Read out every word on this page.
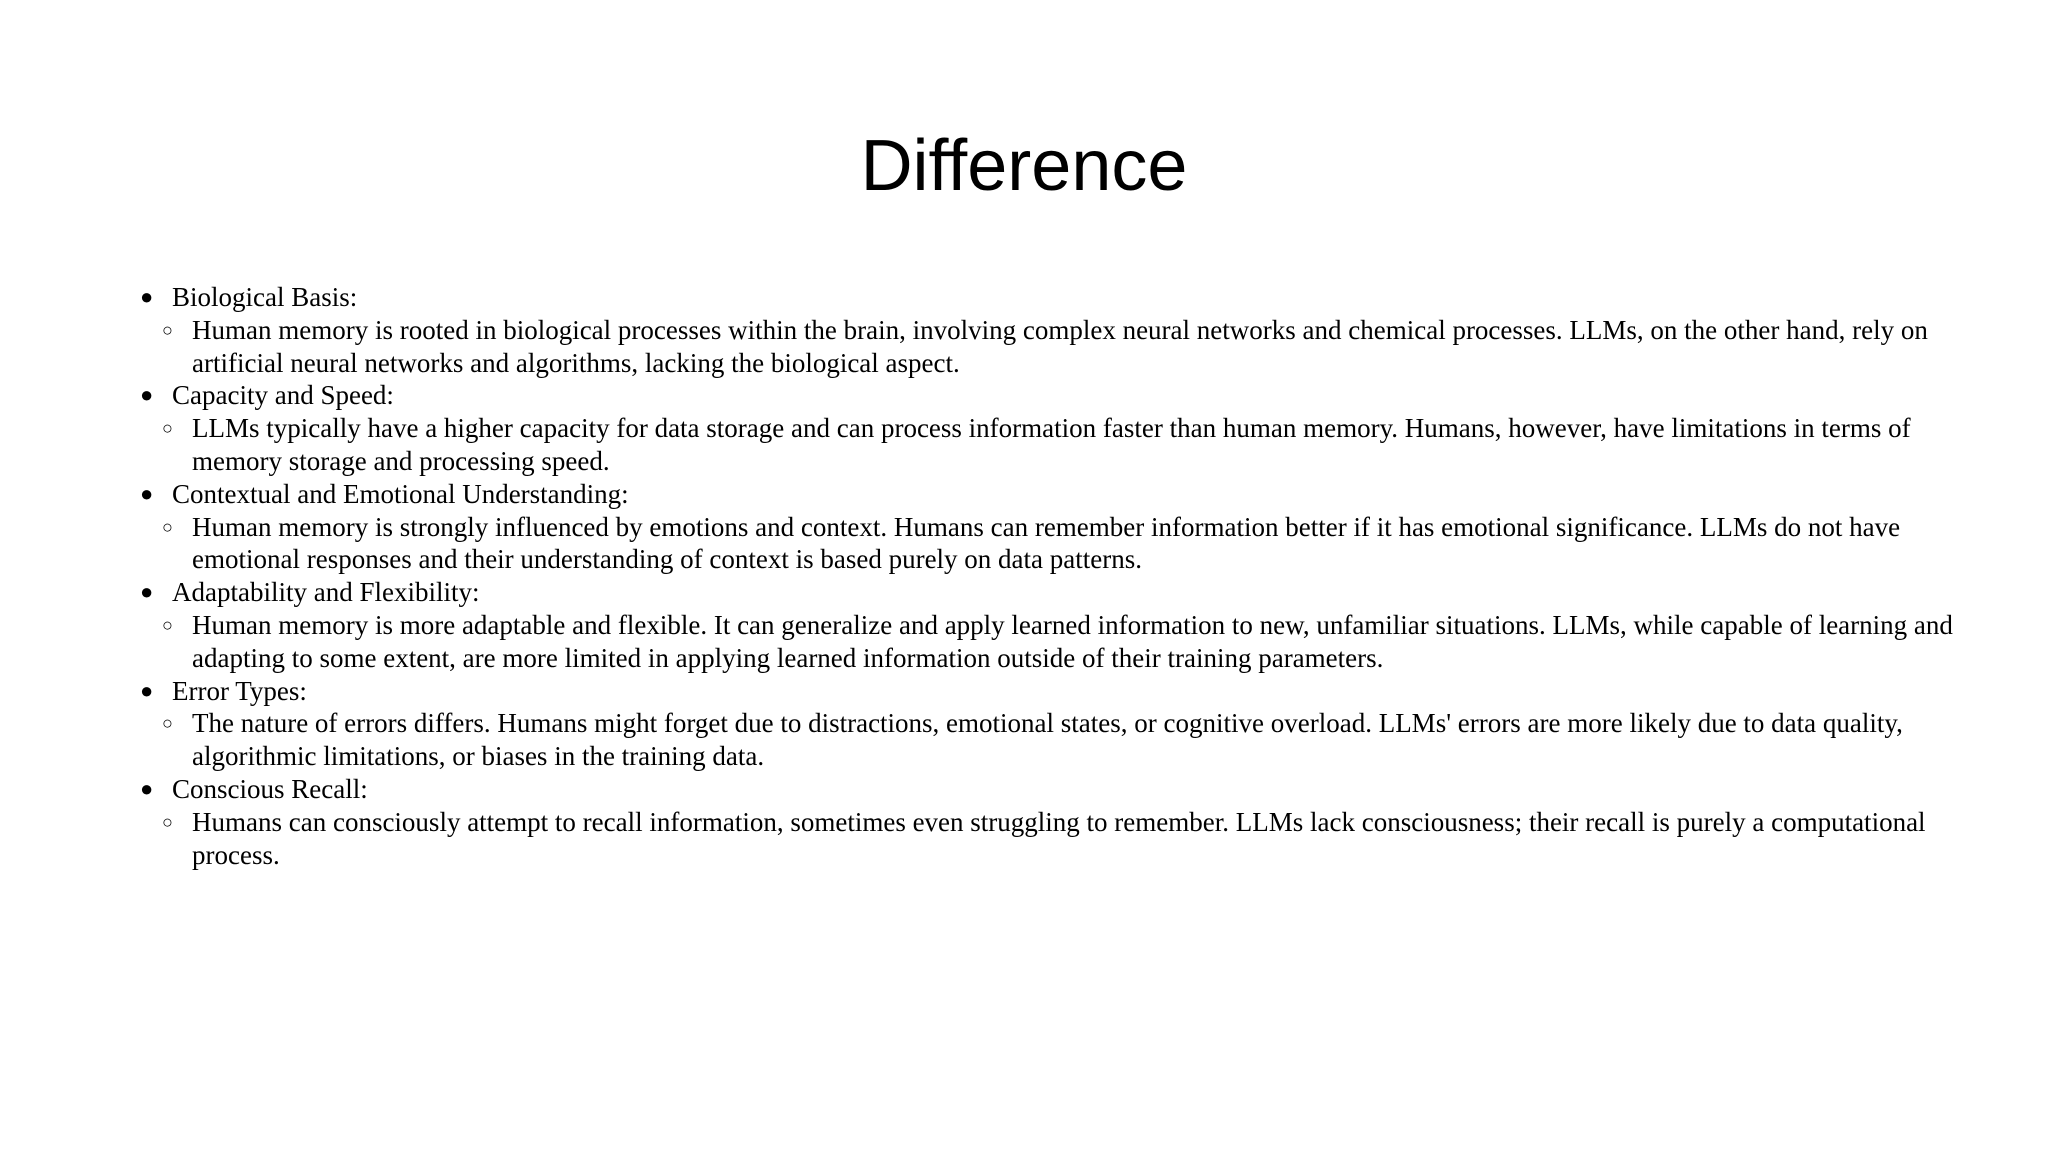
Difference
● Biological Basis:
○ Human memory is rooted in biological processes within the brain, involving complex neural networks and chemical processes. LLMs, on the other hand, rely on artificial neural networks and algorithms, lacking the biological aspect.
● Capacity and Speed:
○ LLMs typically have a higher capacity for data storage and can process information faster than human memory. Humans, however, have limitations in terms of memory storage and processing speed.
● Contextual and Emotional Understanding:
○ Human memory is strongly influenced by emotions and context. Humans can remember information better if it has emotional significance. LLMs do not have emotional responses and their understanding of context is based purely on data patterns.
● Adaptability and Flexibility:
○ Human memory is more adaptable and flexible. It can generalize and apply learned information to new, unfamiliar situations. LLMs, while capable of learning and adapting to some extent, are more limited in applying learned information outside of their training parameters.
● Error Types:
○ The nature of errors differs. Humans might forget due to distractions, emotional states, or cognitive overload. LLMs' errors are more likely due to data quality, algorithmic limitations, or biases in the training data.
● Conscious Recall:
○ Humans can consciously attempt to recall information, sometimes even struggling to remember. LLMs lack consciousness; their recall is purely a computational process.
